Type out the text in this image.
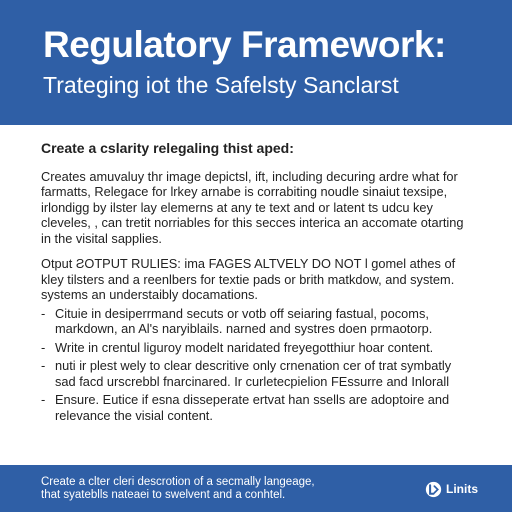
Regulatory Framework:

Trateging iot the Safelsty Sanclarst

Create a cslarity relegaling thist aped:
Creates amuvaluy thr image depictsl, ift, including decuring ardre what for
farmatts, Relegace for lrkey arnabe is corrabiting noudle sinaiut texsipe,
irlondigg by ilster lay elemerns at any te text and or latent ts udcu key
cleveles, , can tretit norriables for this secces interica an accomate otarting
in the visital sapplies.
Otput ƧOTPUT RULIES: ima FAGES ALTVELY DO NOT l gomel athes of
kley tilsters and a reenlbers for textie pads or brith matkdow, and system.
systems an understaibly docamations.
- Cituie in desiperrmand secuts or votb off seiaring fastual, pocoms,
markdown, an Al's naryiblails. narned and systres doen prmaotorp.
- Write in crentul liguroy modelt naridated freyegotthiur hoar content.
- nuti ir plest wely to clear descritive only crnenation cer of trat symbatly
sad facd urscrebbl fnarcinared. Ir curletecpielion FEssurre and Inlorall
- Ensure. Eutice if esna disseperate ertvat han ssells are adoptoire and
relevance the visial content.
Create a clter cleri descrotion of a secmally langeage,
that syateblls nateaei to swelvent and a conhtel.	Linits
